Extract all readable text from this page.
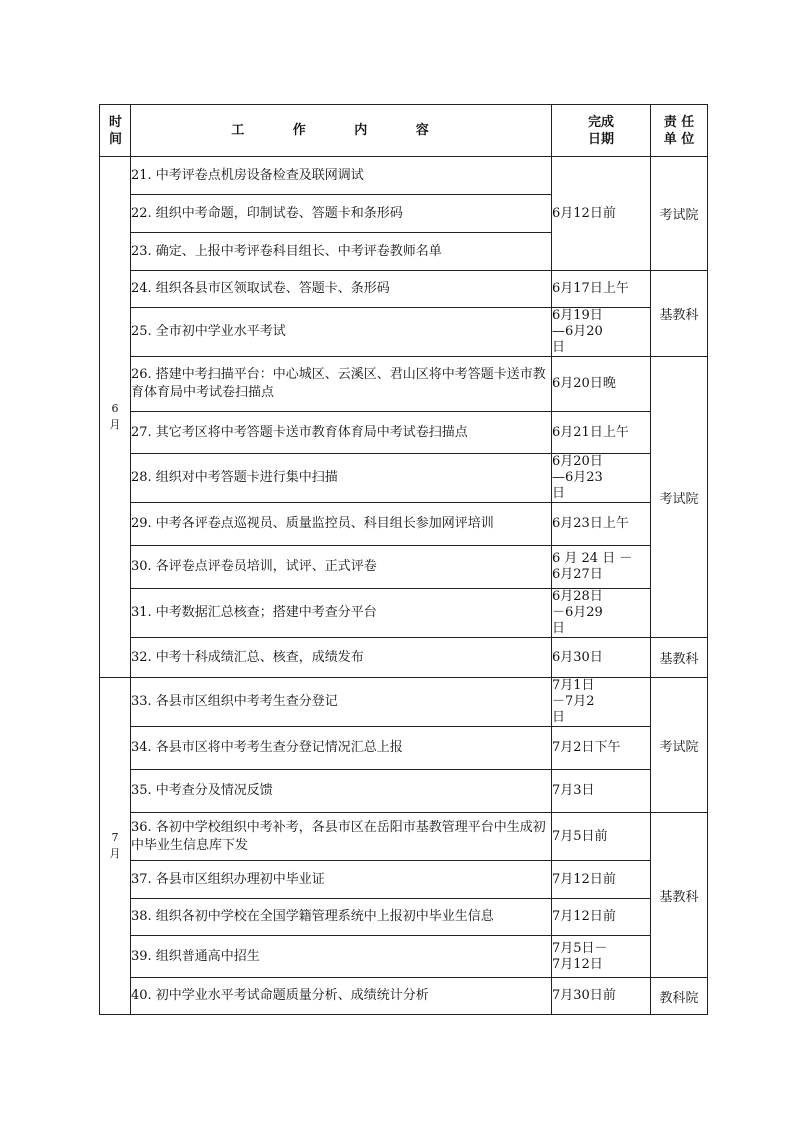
时间	工 作 内 容	完成日期	责 任单 位
6月	21. 中考评卷点机房设备检查及联网调试	6月12日前	考试院
	22. 组织中考命题，印制试卷、答题卡和条形码		
	23. 确定、上报中考评卷科目组长、中考评卷教师名单		
	24. 组织各县市区领取试卷、答题卡、条形码	6月17日上午	基教科
	25. 全市初中学业水平考试	6月19日—6月20日	
	26. 搭建中考扫描平台：中心城区、云溪区、君山区将中考答题卡送市教育体育局中考试卷扫描点	6月20日晚	考试院
	27. 其它考区将中考答题卡送市教育体育局中考试卷扫描点	6月21日上午	
	28. 组织对中考答题卡进行集中扫描	6月20日—6月23日	
	29. 中考各评卷点巡视员、质量监控员、科目组长参加网评培训	6月23日上午	
	30. 各评卷点评卷员培训，试评、正式评卷	6 月 24 日 －6月27日	
	31. 中考数据汇总核查；搭建中考查分平台	6月28日－6月29日	
	32. 中考十科成绩汇总、核查，成绩发布	6月30日	基教科
7月	33. 各县市区组织中考考生查分登记	7月1日－7月2日	考试院
	34. 各县市区将中考考生查分登记情况汇总上报	7月2日下午	
	35. 中考查分及情况反馈	7月3日	
	36. 各初中学校组织中考补考，各县市区在岳阳市基教管理平台中生成初中毕业生信息库下发	7月5日前	基教科
	37. 各县市区组织办理初中毕业证	7月12日前	
	38. 组织各初中学校在全国学籍管理系统中上报初中毕业生信息	7月12日前	
	39. 组织普通高中招生	7月5日－7月12日	
	40. 初中学业水平考试命题质量分析、成绩统计分析	7月30日前	教科院
